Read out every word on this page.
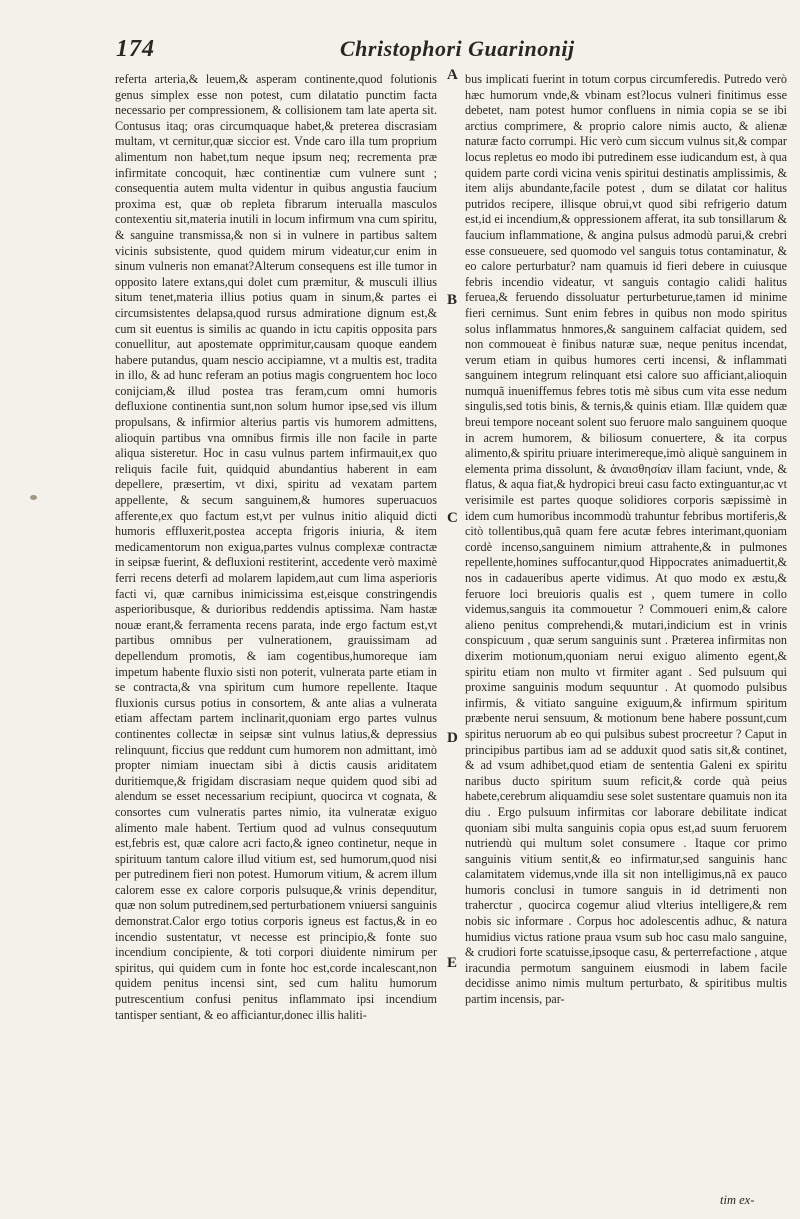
174	Christophori Guarinonij

referta arteria,& leuem,& asperam continente,quod folutionis genus simplex esse non potest, cum dilatatio punctim facta necessario per compressionem, & collisionem tam late aperta sit. Contusus itaq; oras circumquaque habet,& preterea discrasiam multam, vt cernitur,quæ siccior est. Vnde caro illa tum proprium alimentum non habet,tum neque ipsum neq; recrementa præ infirmitate concoquit, hæc continentiæ cum vulnere sunt ; consequentia autem multa videntur in quibus angustia faucium proxima est, quæ ob repleta fibrarum interualla masculos contexentiu sit,materia inutili in locum infirmum vna cum spiritu, & sanguine transmissa,& non si in vulnere in partibus saltem vicinis subsistente, quod quidem mirum videatur,cur enim in sinum vulneris non emanat?Alterum consequens est ille tumor in opposito latere extans,qui dolet cum præmitur, & musculi illius situm tenet,materia illius potius quam in sinum,& partes ei circumsistentes delapsa,quod rursus admiratione dignum est,& cum sit euentus is similis ac quando in ictu capitis opposita pars conuellitur, aut apostemate opprimitur,causam quoque eandem habere putandus, quam nescio accipiamne, vt a multis est, tradita in illo, & ad hunc referam an potius magis congruentem hoc loco conijciam,& illud postea tras feram,cum omni humoris defluxione continentia sunt,non solum humor ipse,sed vis illum propulsans, & infirmior alterius partis vis humorem admittens, alioquin partibus vna omnibus firmis ille non facile in parte aliqua sisteretur. Hoc in casu vulnus partem infirmauit,ex quo reliquis facile fuit, quidquid abundantius haberent in eam depellere, præsertim, vt dixi, spiritu ad vexatam partem appellente, & secum sanguinem,& humores superuacuos afferente,ex quo factum est,vt per vulnus initio aliquid dicti humoris effluxerit,postea accepta frigoris iniuria, & item medicamentorum non exigua,partes vulnus complexæ contractæ in seipsæ fuerint, & defluxioni restiterint, accedente verò maximè ferri recens deterfi ad molarem lapidem,aut cum lima asperioris facti vi, quæ carnibus inimicissima est,eisque constringendis asperioribusque, & durioribus reddendis aptissima. Nam hastæ nouæ erant,& ferramenta recens parata, inde ergo factum est,vt partibus omnibus per vulnerationem, grauissimam ad depellendum promotis, & iam cogentibus,humoreque iam impetum habente fluxio sisti non poterit, vulnerata parte etiam in se contracta,& vna spiritum cum humore repellente. Itaque fluxionis cursus potius in consortem, & ante alias a vulnerata etiam affectam partem inclinarit,quoniam ergo partes vulnus continentes collectæ in seipsæ sint vulnus latius,& depressius relinquunt, ficcius que reddunt cum humorem non admittant, imò propter nimiam inuectam sibi à dictis causis ariditatem duritiemque,& frigidam discrasiam neque quidem quod sibi ad alendum se esset necessarium recipiunt, quocirca vt cognata, & consortes cum vulneratis partes nimio, ita vulneratæ exiguo alimento male habent. Tertium quod ad vulnus consequutum est,febris est, quæ calore acri facto,& igneo continetur, neque in spirituum tantum calore illud vitium est, sed humorum,quod nisi per putredinem fieri non potest. Humorum vitium, & acrem illum calorem esse ex calore corporis pulsuque,& vrinis dependitur, quæ non solum putredinem,sed perturbationem vniuersi sanguinis demonstrat.Calor ergo totius corporis igneus est factus,& in eo incendio sustentatur, vt necesse est principio,& fonte suo incendium concipiente, & toti corpori diuidente nimirum per spiritus, qui quidem cum in fonte hoc est,corde incalescant,non quidem penitus incensi sint, sed cum halitu humorum putrescentium confusi penitus inflammato ipsi incendium tantisper sentiant, & eo afficiantur,donec illis haliti-

A
B
C
D
E

bus implicati fuerint in totum corpus circumferedis. Putredo verò hæc humorum vnde,& vbinam est?locus vulneri finitimus esse debetet, nam potest humor confluens in nimia copia se se ibi arctius comprimere, & proprio calore nimis aucto, & alienæ naturæ facto corrumpi. Hic verò cum siccum vulnus sit,& compar locus repletus eo modo ibi putredinem esse iudicandum est, à qua quidem parte cordi vicina venis spiritui destinatis amplissimis, & item alijs abundante,facile potest , dum se dilatat cor halitus putridos recipere, illisque obrui,vt quod sibi refrigerio datum est,id ei incendium,& oppressionem afferat, ita sub tonsillarum & faucium inflammatione, & angina pulsus admodù parui,& crebri esse consueuere, sed quomodo vel sanguis totus contaminatur, & eo calore perturbatur? nam quamuis id fieri debere in cuiusque febris incendio videatur, vt sanguis contagio calidi halitus feruea,& feruendo dissoluatur perturbeturue,tamen id minime fieri cernimus. Sunt enim febres in quibus non modo spiritus solus inflammatus hnmores,& sanguinem calfaciat quidem, sed non commoueat è finibus naturæ suæ, neque penitus incendat, verum etiam in quibus humores certi incensi, & inflammati sanguinem integrum relinquant etsi calore suo afficiant,alioquin numquã inueniffemus febres totis mè sibus cum vita esse nedum singulis,sed totis binis, & ternis,& quinis etiam. Illæ quidem quæ breui tempore noceant solent suo feruore malo sanguinem quoque in acrem humorem, & biliosum conuertere, & ita corpus alimento,& spiritu priuare interimereque,imò aliquè sanguinem in elementa prima dissolunt, & ἀναισθησίαν illam faciunt, vnde, & flatus, & aqua fiat,& hydropici breui casu facto extinguantur,ac vt verisimile est partes quoque solidiores corporis sæpissimè in idem cum humoribus incommodù trahuntur febribus mortiferis,& citò tollentibus,quã quam fere acutæ febres interimant,quoniam cordè incenso,sanguinem nimium attrahente,& in pulmones repellente,homines suffocantur,quod Hippocrates animaduertit,& nos in cadaueribus aperte vidimus. At quo modo ex æstu,& feruore loci breuioris qualis est , quem tumere in collo videmus,sanguis ita commouetur ? Commoueri enim,& calore alieno penitus comprehendi,& mutari,indicium est in vrinis conspicuum , quæ serum sanguinis sunt . Præterea infirmitas non dixerim motionum,quoniam nerui exiguo alimento egent,& spiritu etiam non multo vt firmiter agant . Sed pulsuum qui proxime sanguinis modum sequuntur . At quomodo pulsibus infirmis, & vitiato sanguine exiguum,& infirmum spiritum præbente nerui sensuum, & motionum bene habere possunt,cum spiritus neruorum ab eo qui pulsibus subest procreetur ? Caput in principibus partibus iam ad se adduxit quod satis sit,& continet, & ad vsum adhibet,quod etiam de sententia Galeni ex spiritu naribus ducto spiritum suum reficit,& corde quà peius habete,cerebrum aliquamdiu sese solet sustentare quamuis non ita diu . Ergo pulsuum infirmitas cor laborare debilitate indicat quoniam sibi multa sanguinis copia opus est,ad suum feruorem nutriendù qui multum solet consumere . Itaque cor primo sanguinis vitium sentit,& eo infirmatur,sed sanguinis hanc calamitatem videmus,vnde illa sit non intelligimus,nã ex pauco humoris conclusi in tumore sanguis in id detrimenti non traherctur , quocirca cogemur aliud vlterius intelligere,& rem nobis sic informare . Corpus hoc adolescentis adhuc, & natura humidius victus ratione praua vsum sub hoc casu malo sanguine, & crudiori forte scatuisse,ipsoque casu, & perterrefactione , atque iracundia permotum sanguinem eiusmodi in labem facile decidisse animo nimis multum perturbato, & spiritibus multis partim incensis, par-

tim ex-
